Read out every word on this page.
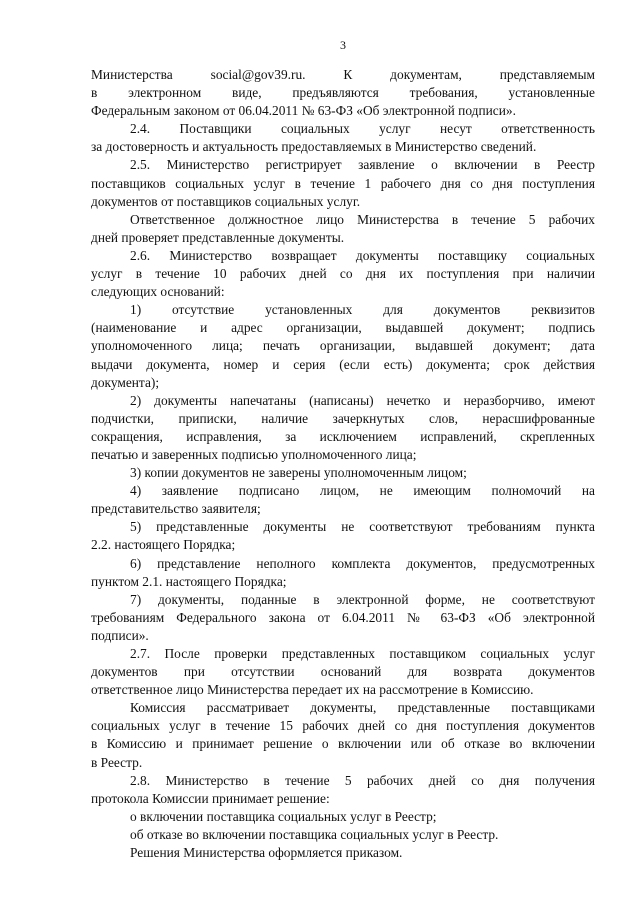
3
Министерства social@gov39.ru. К документам, представляемым
в электронном виде, предъявляются требования, установленные
Федеральным законом от 06.04.2011 № 63-ФЗ «Об электронной подписи».
2.4. Поставщики социальных услуг несут ответственность
за достоверность и актуальность предоставляемых в Министерство сведений.
2.5. Министерство регистрирует заявление о включении в Реестр
поставщиков социальных услуг в течение 1 рабочего дня со дня поступления
документов от поставщиков социальных услуг.
Ответственное должностное лицо Министерства в течение 5 рабочих
дней проверяет представленные документы.
2.6. Министерство возвращает документы поставщику социальных
услуг в течение 10 рабочих дней со дня их поступления при наличии
следующих оснований:
1) отсутствие установленных для документов реквизитов
(наименование и адрес организации, выдавшей документ; подпись
уполномоченного лица; печать организации, выдавшей документ; дата
выдачи документа, номер и серия (если есть) документа; срок действия
документа);
2) документы напечатаны (написаны) нечетко и неразборчиво, имеют
подчистки, приписки, наличие зачеркнутых слов, нерасшифрованные
сокращения, исправления, за исключением исправлений, скрепленных
печатью и заверенных подписью уполномоченного лица;
3) копии документов не заверены уполномоченным лицом;
4) заявление подписано лицом, не имеющим полномочий на
представительство заявителя;
5) представленные документы не соответствуют требованиям пункта
2.2. настоящего Порядка;
6) представление неполного комплекта документов, предусмотренных
пунктом 2.1. настоящего Порядка;
7) документы, поданные в электронной форме, не соответствуют
требованиям Федерального закона от 6.04.2011 № 63-ФЗ «Об электронной
подписи».
2.7. После проверки представленных поставщиком социальных услуг
документов при отсутствии оснований для возврата документов
ответственное лицо Министерства передает их на рассмотрение в Комиссию.
Комиссия рассматривает документы, представленные поставщиками
социальных услуг в течение 15 рабочих дней со дня поступления документов
в Комиссию и принимает решение о включении или об отказе во включении
в Реестр.
2.8. Министерство в течение 5 рабочих дней со дня получения
протокола Комиссии принимает решение:
о включении поставщика социальных услуг в Реестр;
об отказе во включении поставщика социальных услуг в Реестр.
Решения Министерства оформляется приказом.
